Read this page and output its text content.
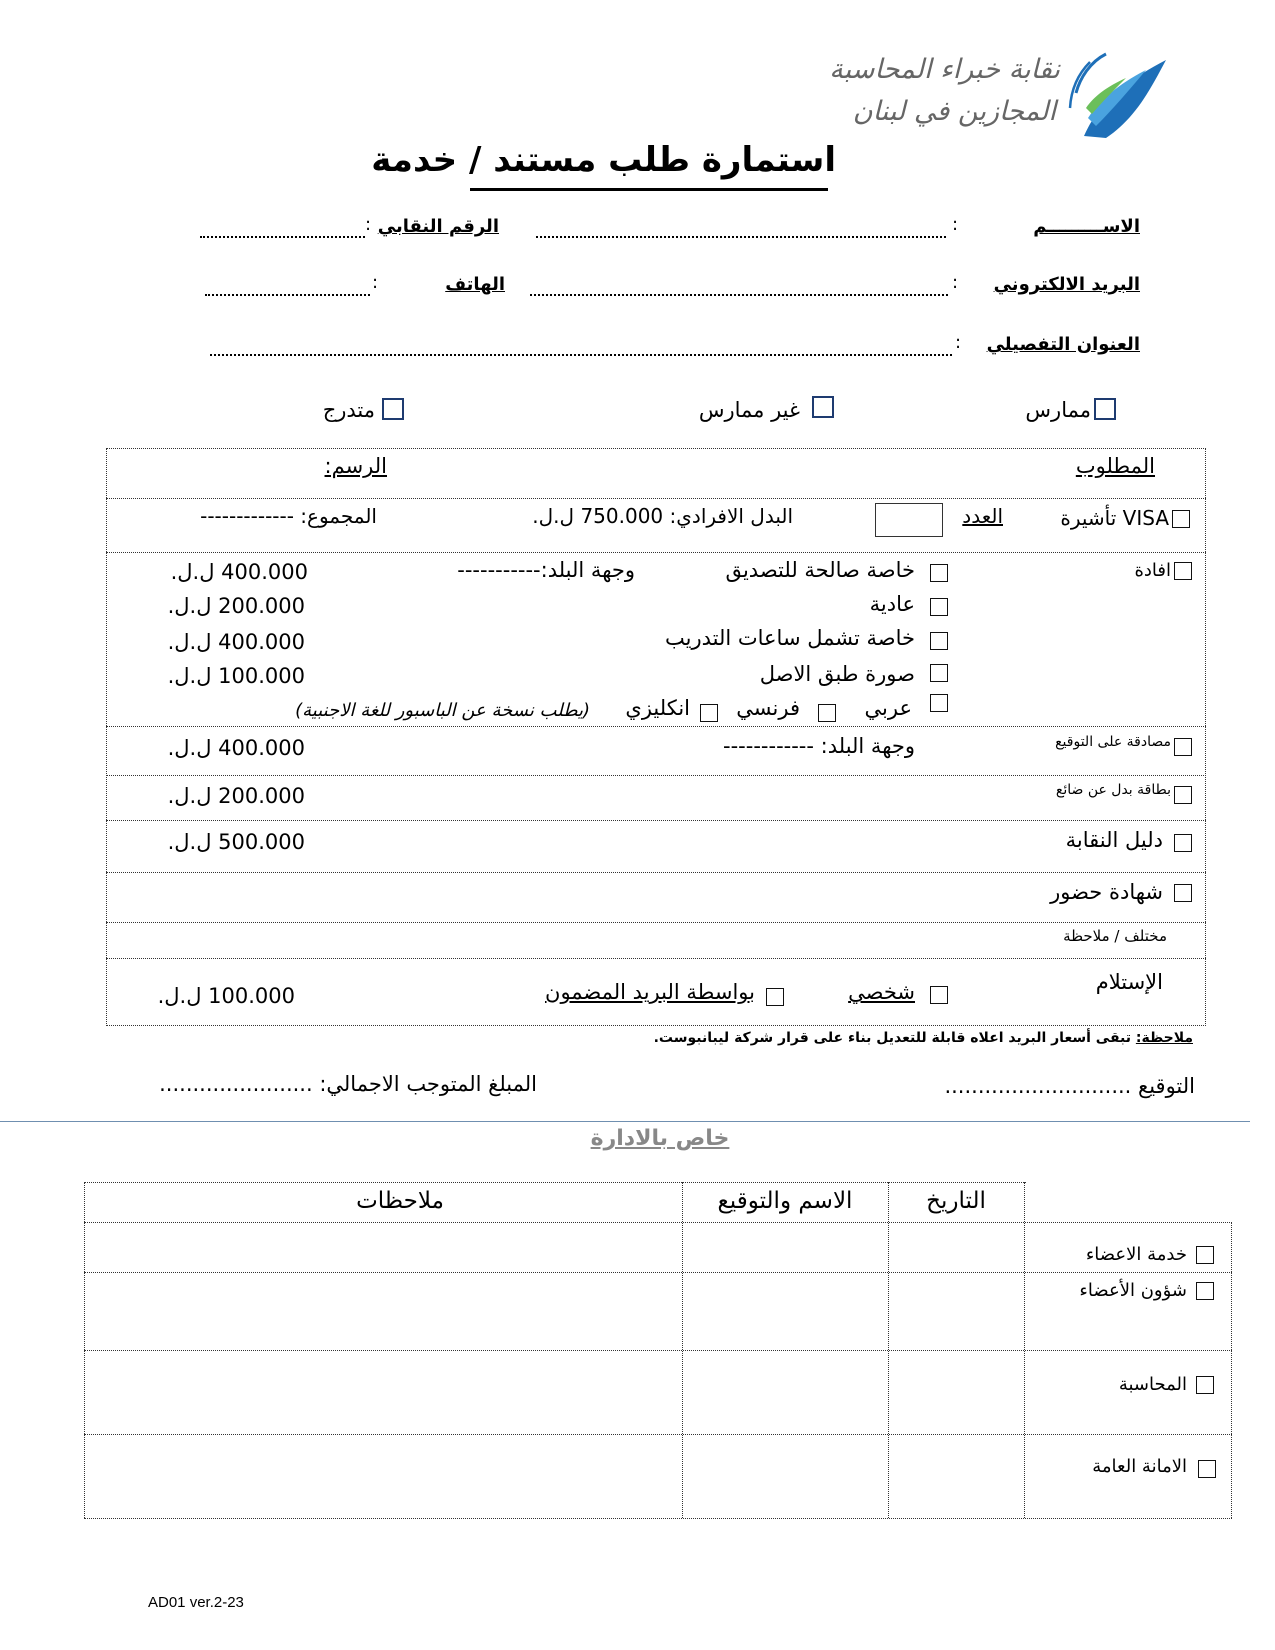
نقابة خبراء المحاسبة
المجازين في لبنان
استمارة طلب مستند / خدمة
الاســـــــــم
:
الرقم النقابي
:
البريد الالكتروني
:
الهاتف
:
العنوان التفصيلي
:
ممارس
غير ممارس
متدرج
المطلوب
الرسم:
VISA تأشيرة
العدد
البدل الافرادي: 750.000 ل.ل.
المجموع: -------------
افادة
خاصة صالحة للتصديق
وجهة البلد:-----------
400.000 ل.ل.
عادية
200.000 ل.ل.
خاصة تشمل ساعات التدريب
400.000 ل.ل.
صورة طبق الاصل
100.000 ل.ل.
عربي
فرنسي
انكليزي
(يطلب نسخة عن الباسبور للغة الاجنبية)
مصادقة على التوقيع
وجهة البلد: ------------
400.000 ل.ل.
بطاقة بدل عن ضائع
200.000 ل.ل.
دليل النقابة
500.000 ل.ل.
شهادة حضور
مختلف / ملاحظة
الإستلام
شخصي
بواسطة البريد المضمون
100.000 ل.ل.
ملاحظة: تبقى أسعار البريد اعلاه قابلة للتعديل بناء على قرار شركة ليبانبوست.
التوقيع ............................
المبلغ المتوجب الاجمالي: .......................
خاص بالادارة
التاريخ
الاسم والتوقيع
ملاحظات
خدمة الاعضاء
شؤون الأعضاء
المحاسبة
الامانة العامة
AD01 ver.2-23
